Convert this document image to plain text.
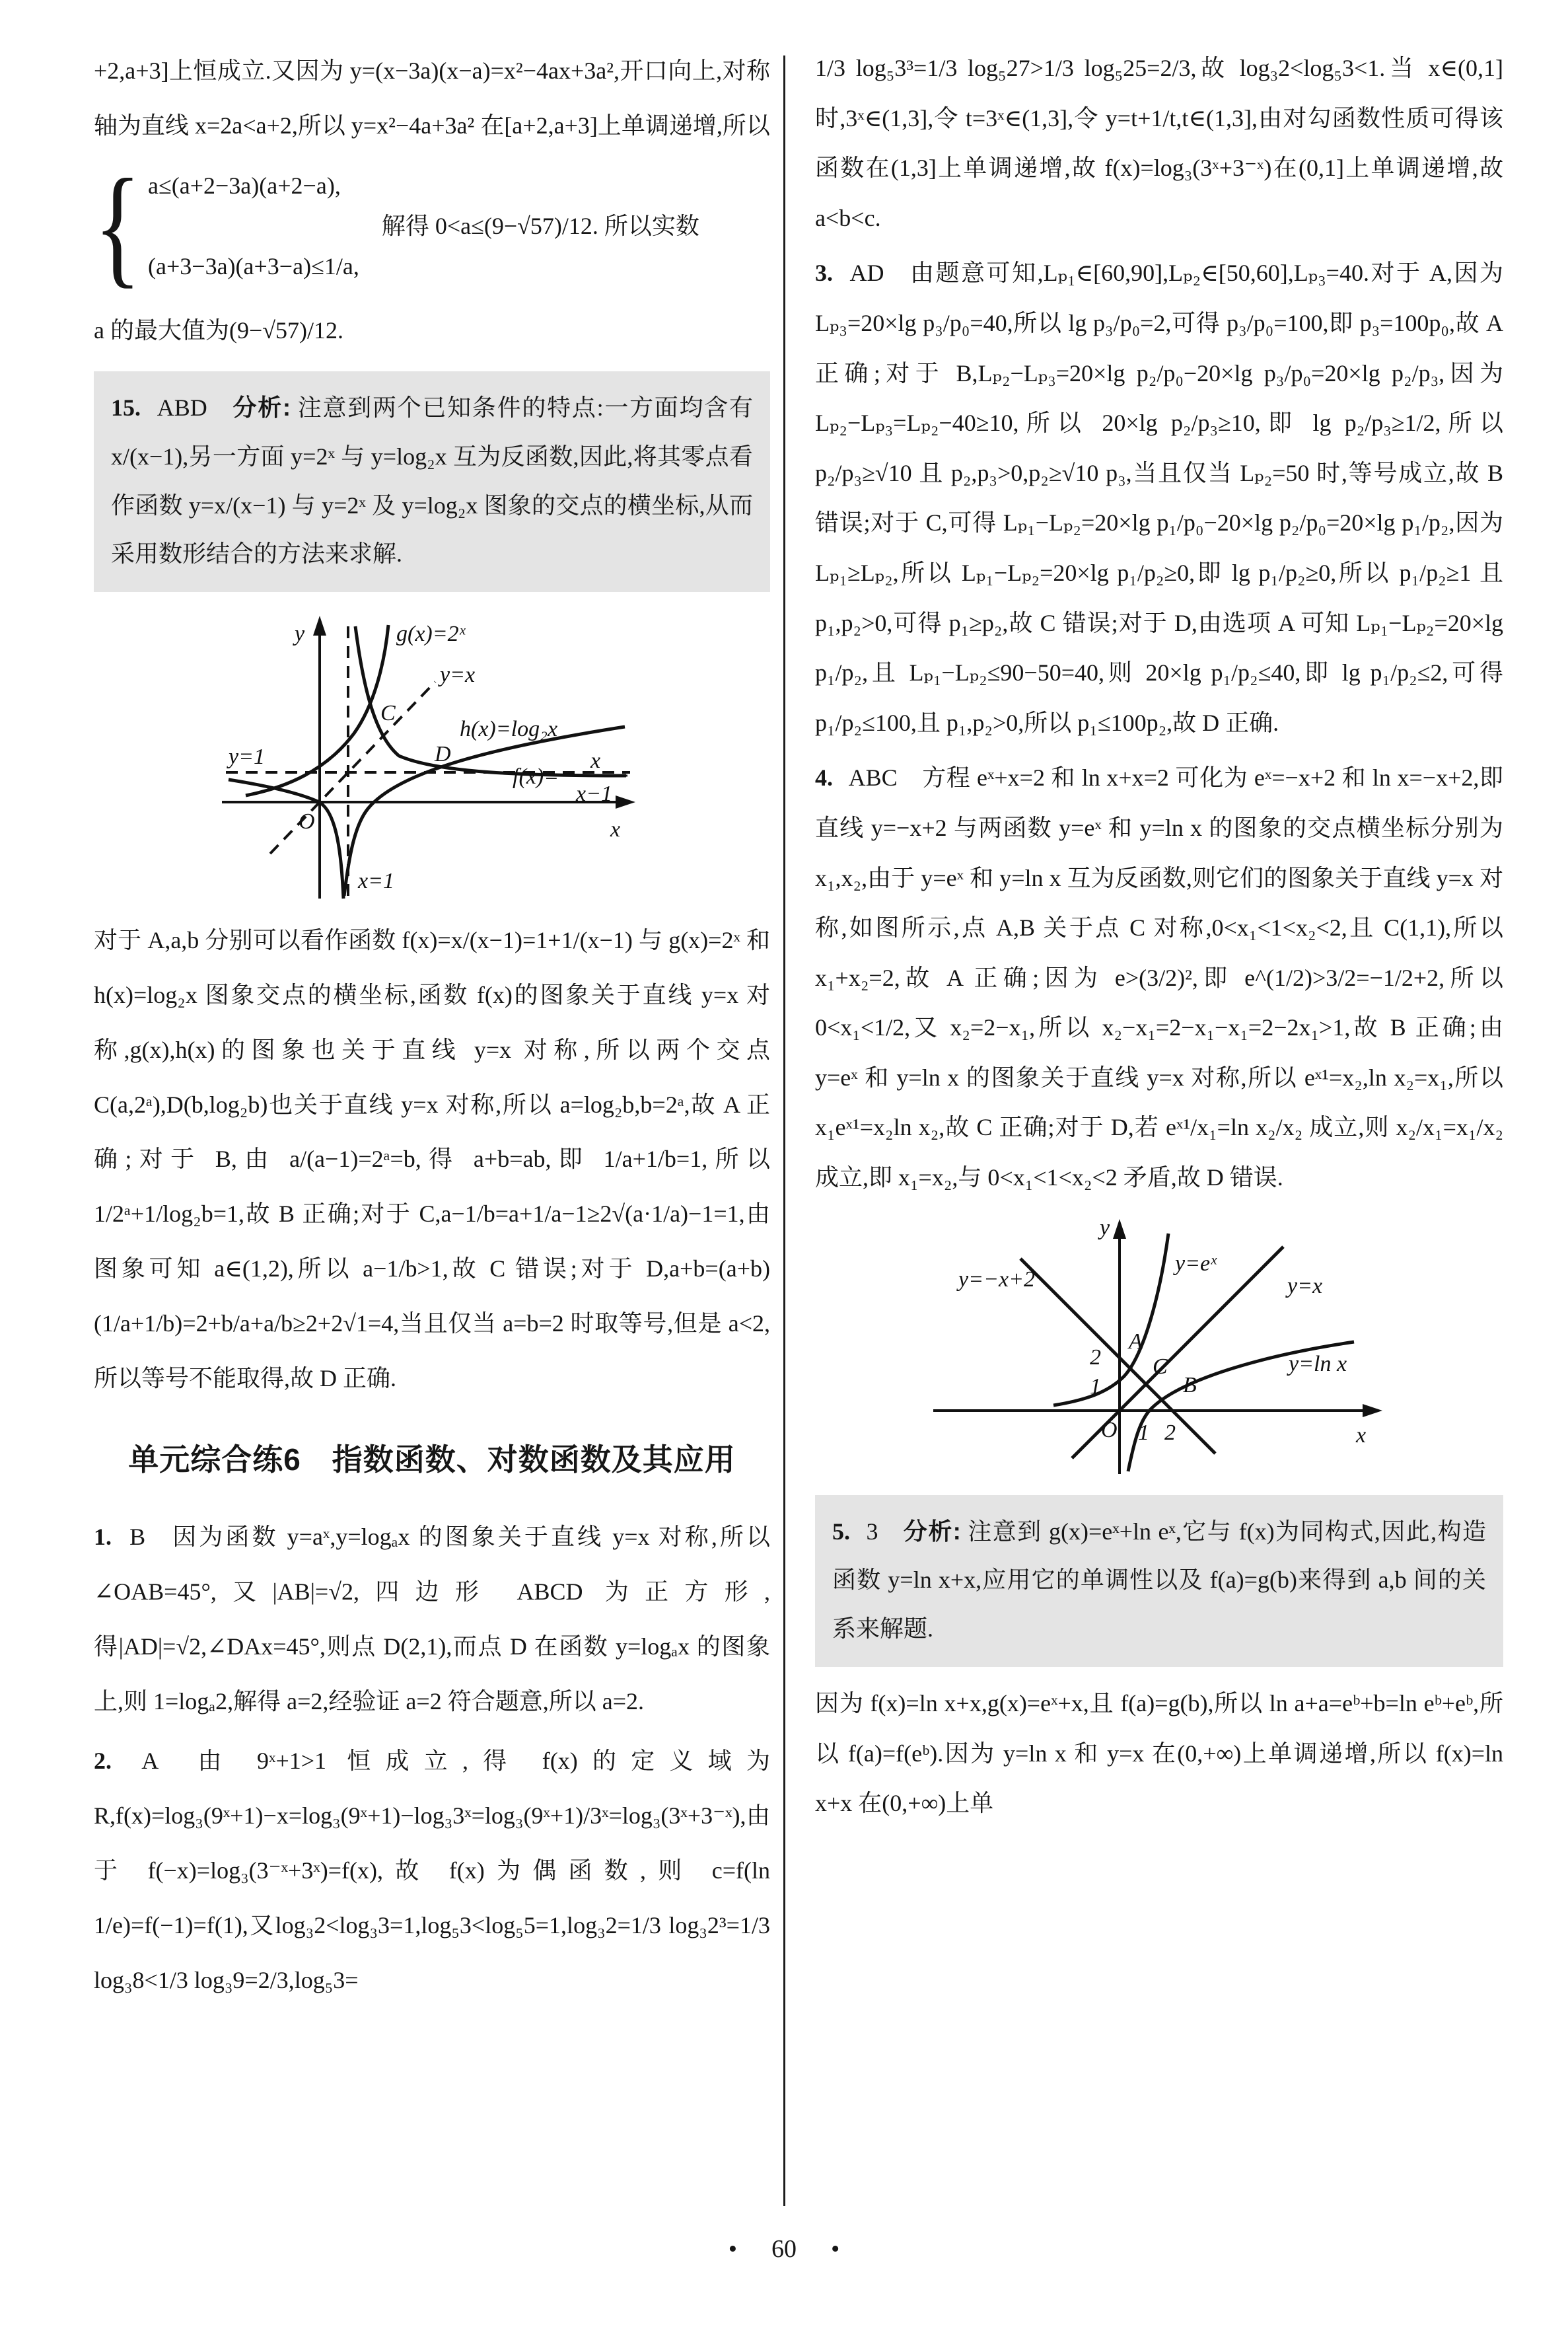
+2,a+3]上恒成立.又因为 y=(x−3a)(x−a)=x²−4ax+3a²,开口向上,对称轴为直线 x=2a<a+2,所以 y=x²−4a+3a² 在[a+2,a+3]上单调递增,所以

{ a≤(a+2−3a)(a+2−a),
(a+3−3a)(a+3−a)≤1/a,
解得 0<a≤(9−√57)/12. 所以实数

a 的最大值为(9−√57)/12.

15. ABD 分析: 注意到两个已知条件的特点:一方面均含有 x/(x−1),另一方面 y=2ˣ 与 y=log₂x 互为反函数,因此,将其零点看作函数 y=x/(x−1) 与 y=2ˣ 及 y=log₂x 图象的交点的横坐标,从而采用数形结合的方法来求解.

y
x
O
g(x)=2ˣ
y=x
h(x)=log₂x
y=1
x=1
C
D
f(x)=
x
x−1

对于 A,a,b 分别可以看作函数 f(x)=x/(x−1)=1+1/(x−1) 与 g(x)=2ˣ 和 h(x)=log₂x 图象交点的横坐标,函数 f(x)的图象关于直线 y=x 对称,g(x),h(x)的图象也关于直线 y=x 对称,所以两个交点 C(a,2ᵃ),D(b,log₂b)也关于直线 y=x 对称,所以 a=log₂b,b=2ᵃ,故 A 正确;对于 B,由 a/(a−1)=2ᵃ=b,得 a+b=ab,即 1/a+1/b=1,所以 1/2ᵃ+1/log₂b=1,故 B 正确;对于 C,a−1/b=a+1/a−1≥2√(a·1/a)−1=1,由图象可知 a∈(1,2),所以 a−1/b>1,故 C 错误;对于 D,a+b=(a+b)(1/a+1/b)=2+b/a+a/b≥2+2√1=4,当且仅当 a=b=2 时取等号,但是 a<2,所以等号不能取得,故 D 正确.

单元综合练6　指数函数、对数函数及其应用

1. B 因为函数 y=aˣ,y=logₐx 的图象关于直线 y=x 对称,所以∠OAB=45°,又|AB|=√2,四边形 ABCD 为正方形,得|AD|=√2,∠DAx=45°,则点 D(2,1),而点 D 在函数 y=logₐx 的图象上,则 1=logₐ2,解得 a=2,经验证 a=2 符合题意,所以 a=2.

2. A 由 9ˣ+1>1 恒成立,得 f(x)的定义域为 R,f(x)=log₃(9ˣ+1)−x=log₃(9ˣ+1)−log₃3ˣ=log₃(9ˣ+1)/3ˣ=log₃(3ˣ+3⁻ˣ),由于 f(−x)=log₃(3⁻ˣ+3ˣ)=f(x),故 f(x)为偶函数,则 c=f(ln 1/e)=f(−1)=f(1),又log₃2<log₃3=1,log₅3<log₅5=1,log₃2=1/3 log₃2³=1/3 log₃8<1/3 log₃9=2/3,log₅3=

1/3 log₅3³=1/3 log₅27>1/3 log₅25=2/3,故 log₃2<log₅3<1.当 x∈(0,1]时,3ˣ∈(1,3],令 t=3ˣ∈(1,3],令 y=t+1/t,t∈(1,3],由对勾函数性质可得该函数在(1,3]上单调递增,故 f(x)=log₃(3ˣ+3⁻ˣ)在(0,1]上单调递增,故 a<b<c.

3. AD 由题意可知,Lₚ₁∈[60,90],Lₚ₂∈[50,60],Lₚ₃=40.对于 A,因为 Lₚ₃=20×lg p₃/p₀=40,所以 lg p₃/p₀=2,可得 p₃/p₀=100,即 p₃=100p₀,故 A 正确;对于 B,Lₚ₂−Lₚ₃=20×lg p₂/p₀−20×lg p₃/p₀=20×lg p₂/p₃,因为 Lₚ₂−Lₚ₃=Lₚ₂−40≥10,所以 20×lg p₂/p₃≥10,即 lg p₂/p₃≥1/2,所以 p₂/p₃≥√10 且 p₂,p₃>0,p₂≥√10 p₃,当且仅当 Lₚ₂=50 时,等号成立,故 B 错误;对于 C,可得 Lₚ₁−Lₚ₂=20×lg p₁/p₀−20×lg p₂/p₀=20×lg p₁/p₂,因为 Lₚ₁≥Lₚ₂,所以 Lₚ₁−Lₚ₂=20×lg p₁/p₂≥0,即 lg p₁/p₂≥0,所以 p₁/p₂≥1 且 p₁,p₂>0,可得 p₁≥p₂,故 C 错误;对于 D,由选项 A 可知 Lₚ₁−Lₚ₂=20×lg p₁/p₂,且 Lₚ₁−Lₚ₂≤90−50=40,则 20×lg p₁/p₂≤40,即 lg p₁/p₂≤2,可得 p₁/p₂≤100,且 p₁,p₂>0,所以 p₁≤100p₂,故 D 正确.

4. ABC 方程 eˣ+x=2 和 ln x+x=2 可化为 eˣ=−x+2 和 ln x=−x+2,即直线 y=−x+2 与两函数 y=eˣ 和 y=ln x 的图象的交点横坐标分别为 x₁,x₂,由于 y=eˣ 和 y=ln x 互为反函数,则它们的图象关于直线 y=x 对称,如图所示,点 A,B 关于点 C 对称,0<x₁<1<x₂<2,且 C(1,1),所以 x₁+x₂=2,故 A 正确;因为 e>(3/2)²,即 e^(1/2)>3/2=−1/2+2,所以 0<x₁<1/2,又 x₂=2−x₁,所以 x₂−x₁=2−x₁−x₁=2−2x₁>1,故 B 正确;由 y=eˣ 和 y=ln x 的图象关于直线 y=x 对称,所以 eˣ¹=x₂,ln x₂=x₁,所以 x₁eˣ¹=x₂ln x₂,故 C 正确;对于 D,若 eˣ¹/x₁=ln x₂/x₂ 成立,则 x₂/x₁=x₁/x₂ 成立,即 x₁=x₂,与 0<x₁<1<x₂<2 矛盾,故 D 错误.

y
x
O
y=−x+2
y=eˣ
y=x
y=ln x
A
C
B
2
1
1 2

5. 3 分析: 注意到 g(x)=eˣ+ln eˣ,它与 f(x)为同构式,因此,构造函数 y=ln x+x,应用它的单调性以及 f(a)=g(b)来得到 a,b 间的关系来解题.

因为 f(x)=ln x+x,g(x)=eˣ+x,且 f(a)=g(b),所以 ln a+a=eᵇ+b=ln eᵇ+eᵇ,所以 f(a)=f(eᵇ).因为 y=ln x 和 y=x 在(0,+∞)上单调递增,所以 f(x)=ln x+x 在(0,+∞)上单

• 60 •
